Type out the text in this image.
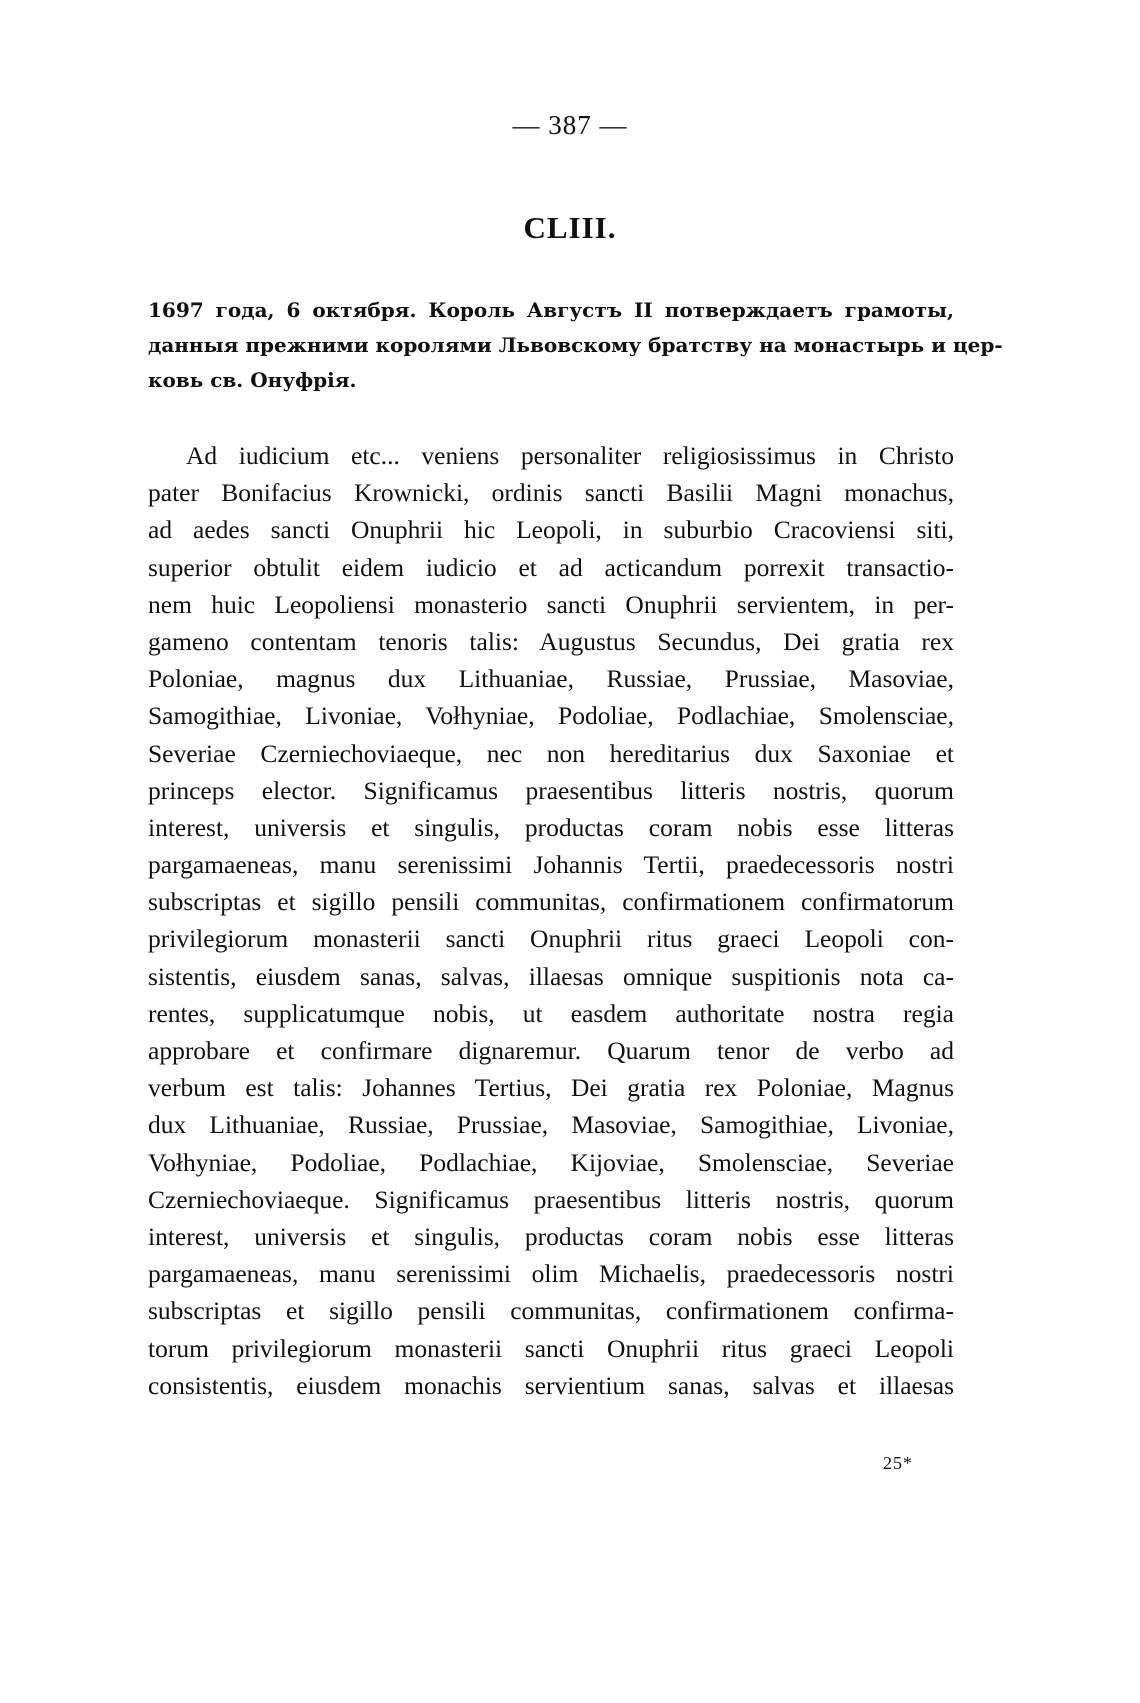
— 387 —
CLIII.
1697 года, 6 октября. Король Августъ II потверждаетъ грамоты,
данныя прежними королями Львовскому братству на монастырь и цер-
ковь св. Онуфрія.
Ad iudicium etc... veniens personaliter religiosissimus in Christo
pater Bonifacius Krownicki, ordinis sancti Basilii Magni monachus,
ad aedes sancti Onuphrii hic Leopoli, in suburbio Cracoviensi siti,
superior obtulit eidem iudicio et ad acticandum porrexit transactio-
nem huic Leopoliensi monasterio sancti Onuphrii servientem, in per-
gameno contentam tenoris talis: Augustus Secundus, Dei gratia rex
Poloniae, magnus dux Lithuaniae, Russiae, Prussiae, Masoviae,
Samogithiae, Livoniae, Vołhyniae, Podoliae, Podlachiae, Smolensciae,
Severiae Czerniechoviaeque, nec non hereditarius dux Saxoniae et
princeps elector. Significamus praesentibus litteris nostris, quorum
interest, universis et singulis, productas coram nobis esse litteras
pargamaeneas, manu serenissimi Johannis Tertii, praedecessoris nostri
subscriptas et sigillo pensili communitas, confirmationem confirmatorum
privilegiorum monasterii sancti Onuphrii ritus graeci Leopoli con-
sistentis, eiusdem sanas, salvas, illaesas omnique suspitionis nota ca-
rentes, supplicatumque nobis, ut easdem authoritate nostra regia
approbare et confirmare dignaremur. Quarum tenor de verbo ad
verbum est talis: Johannes Tertius, Dei gratia rex Poloniae, Magnus
dux Lithuaniae, Russiae, Prussiae, Masoviae, Samogithiae, Livoniae,
Vołhyniae, Podoliae, Podlachiae, Kijoviae, Smolensciae, Severiae
Czerniechoviaeque. Significamus praesentibus litteris nostris, quorum
interest, universis et singulis, productas coram nobis esse litteras
pargamaeneas, manu serenissimi olim Michaelis, praedecessoris nostri
subscriptas et sigillo pensili communitas, confirmationem confirma-
torum privilegiorum monasterii sancti Onuphrii ritus graeci Leopoli
consistentis, eiusdem monachis servientium sanas, salvas et illaesas
25*
